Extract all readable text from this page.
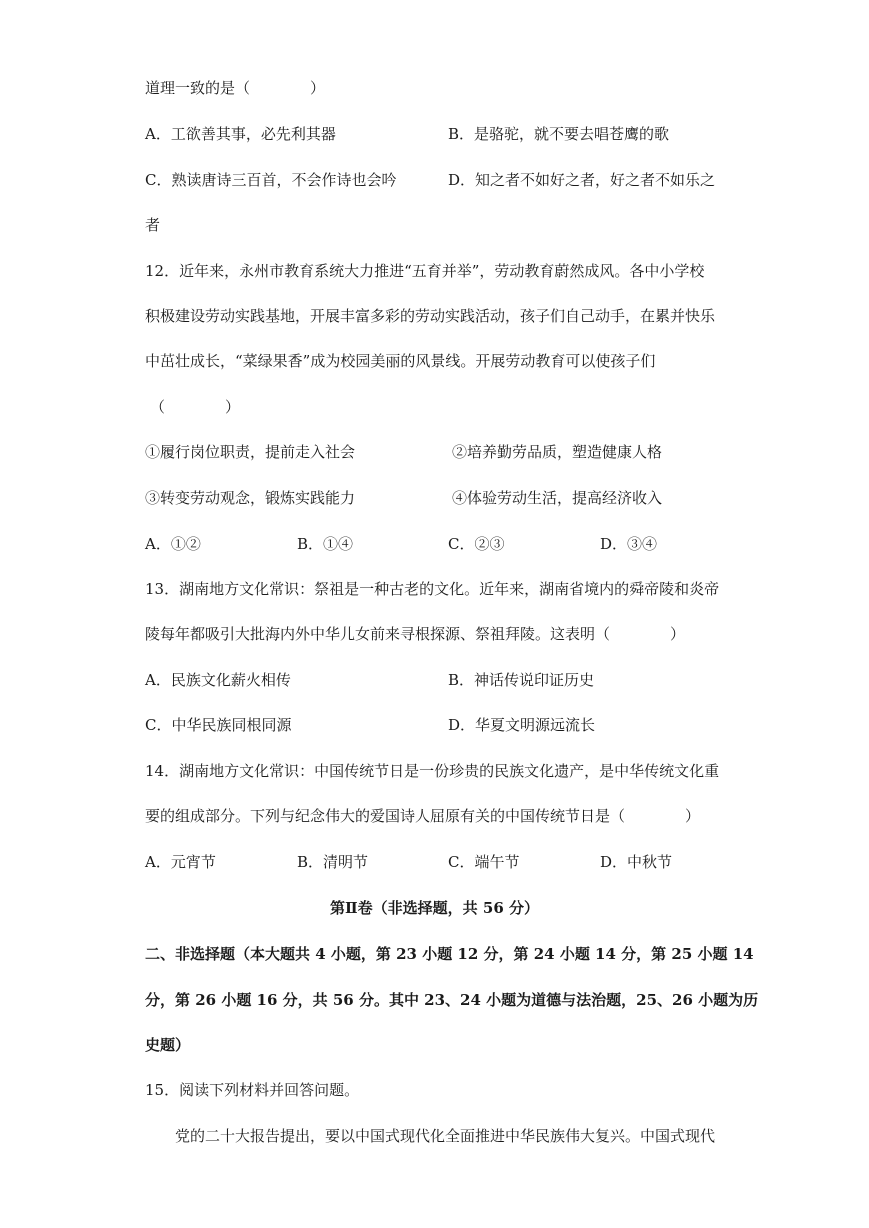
道理一致的是（　　　　）
A．工欲善其事，必先利其器	B．是骆驼，就不要去唱苍鹰的歌
C．熟读唐诗三百首，不会作诗也会吟	D．知之者不如好之者，好之者不如乐之
者
12．近年来，永州市教育系统大力推进“五育并举”，劳动教育蔚然成风。各中小学校
积极建设劳动实践基地，开展丰富多彩的劳动实践活动，孩子们自己动手，在累并快乐
中茁壮成长，“菜绿果香”成为校园美丽的风景线。开展劳动教育可以使孩子们
（　　　　）
①履行岗位职责，提前走入社会	②培养勤劳品质，塑造健康人格
③转变劳动观念，锻炼实践能力	④体验劳动生活，提高经济收入
A．①②	B．①④	C．②③	D．③④
13．湖南地方文化常识：祭祖是一种古老的文化。近年来，湖南省境内的舜帝陵和炎帝
陵每年都吸引大批海内外中华儿女前来寻根探源、祭祖拜陵。这表明（　　　　）
A．民族文化薪火相传	B．神话传说印证历史
C．中华民族同根同源	D．华夏文明源远流长
14．湖南地方文化常识：中国传统节日是一份珍贵的民族文化遗产，是中华传统文化重
要的组成部分。下列与纪念伟大的爱国诗人屈原有关的中国传统节日是（　　　　）
A．元宵节	B．清明节	C．端午节	D．中秋节
第Ⅱ卷（非选择题，共 56 分）
二、非选择题（本大题共 4 小题，第 23 小题 12 分，第 24 小题 14 分，第 25 小题 14
分，第 26 小题 16 分，共 56 分。其中 23、24 小题为道德与法治题，25、26 小题为历
史题）
15．阅读下列材料并回答问题。
党的二十大报告提出，要以中国式现代化全面推进中华民族伟大复兴。中国式现代
